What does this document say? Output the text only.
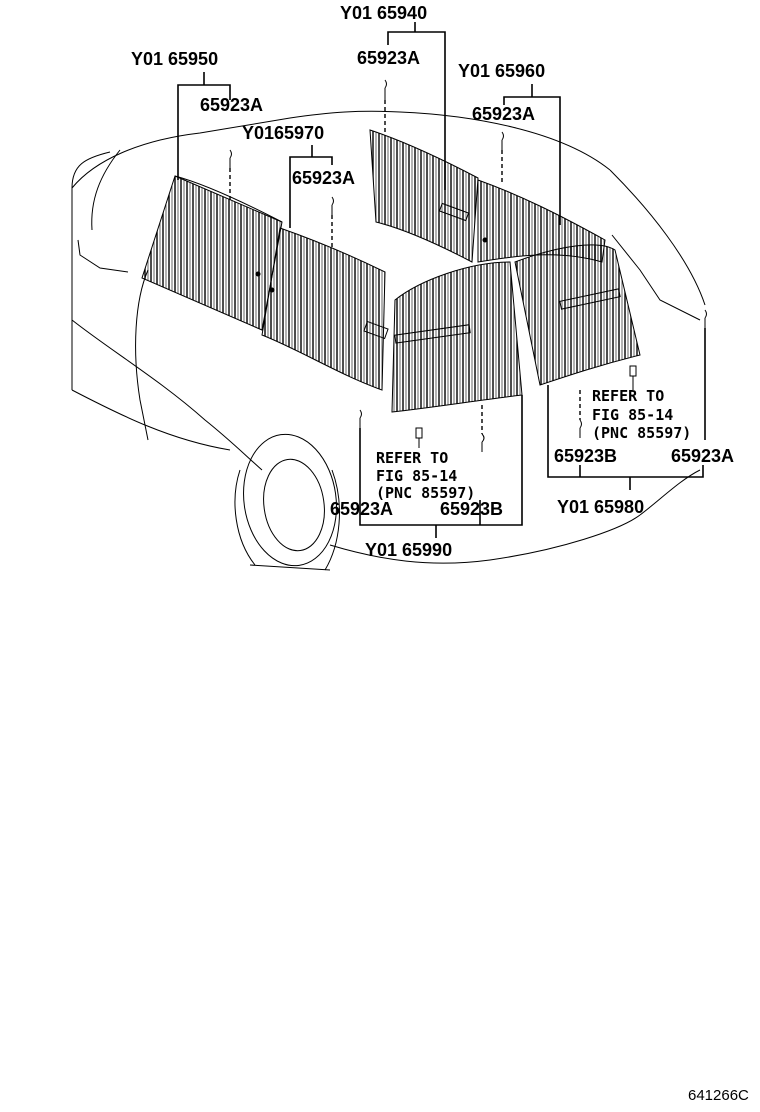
Y01 65940
65923A
Y01 65950
Y01 65960
65923A	65923A
Y0165970
65923A
REFER TO
FIG 85-14
(PNC 85597)
65923B	65923A
REFER TO
FIG 85-14
(PNC 85597)
Y01 65980
65923A	65923B
Y01 65990
641266C
